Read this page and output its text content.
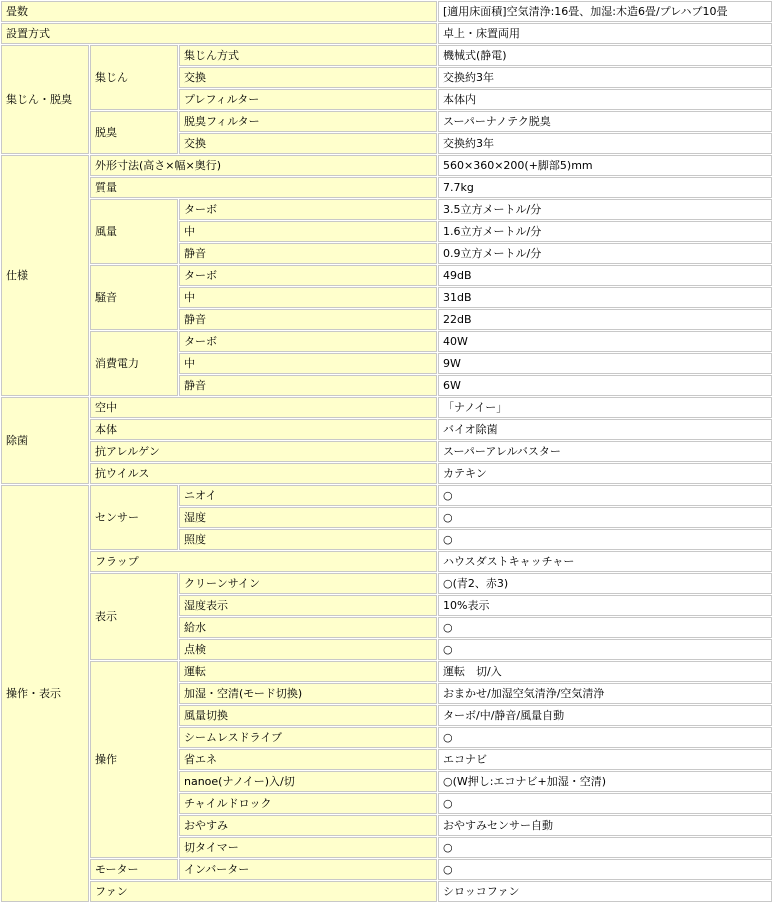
畳数			[適用床面積]空気清浄:16畳、加湿:木造6畳/プレハブ10畳
設置方式			卓上・床置両用
集じん・脱臭	集じん	集じん方式	機械式(静電)
		交換	交換約3年
		プレフィルター	本体内
	脱臭	脱臭フィルター	スーパーナノテク脱臭
		交換	交換約3年
仕様	外形寸法(高さ×幅×奥行)		560×360×200(+脚部5)mm
	質量		7.7kg
	風量	ターボ	3.5立方メートル/分
		中	1.6立方メートル/分
		静音	0.9立方メートル/分
	騒音	ターボ	49dB
		中	31dB
		静音	22dB
	消費電力	ターボ	40W
		中	9W
		静音	6W
除菌	空中		「ナノイー」
	本体		バイオ除菌
	抗アレルゲン		スーパーアレルバスター
	抗ウイルス		カテキン
操作・表示	センサー	ニオイ	○
		湿度	○
		照度	○
	フラップ		ハウスダストキャッチャー
	表示	クリーンサイン	○(青2、赤3)
		湿度表示	10%表示
		給水	○
		点検	○
	操作	運転	運転　切/入
		加湿・空清(モード切換)	おまかせ/加湿空気清浄/空気清浄
		風量切換	ターボ/中/静音/風量自動
		シームレスドライブ	○
		省エネ	エコナビ
		nanoe(ナノイー)入/切	○(W押し:エコナビ+加湿・空清)
		チャイルドロック	○
		おやすみ	おやすみセンサー自動
		切タイマー	○
	モーター	インバーター	○
	ファン		シロッコファン
